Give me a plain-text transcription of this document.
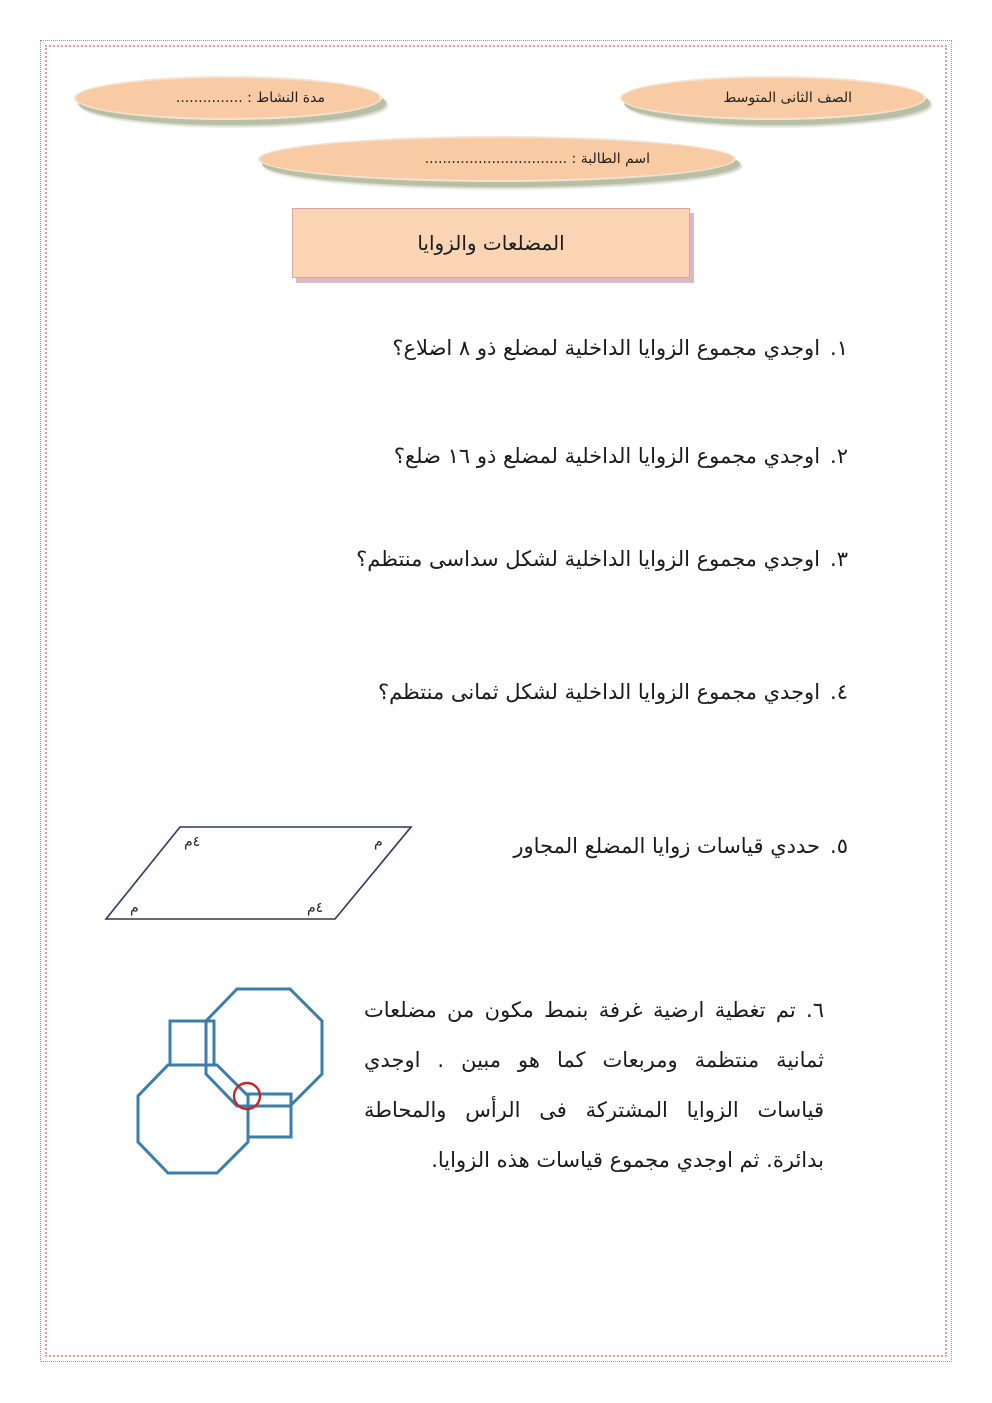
الصف الثانى المتوسط
مدة النشاط : ...............
اسم الطالبة : ................................
المضلعات والزوايا
١.اوجدي مجموع الزوايا الداخلية لمضلع ذو ٨ اضلاع؟
٢.اوجدي مجموع الزوايا الداخلية لمضلع ذو ١٦ ضلع؟
٣.اوجدي مجموع الزوايا الداخلية لشكل سداسى منتظم؟
٤.اوجدي مجموع الزوايا الداخلية لشكل ثمانى منتظم؟
٥.حددي قياسات زوايا المضلع المجاور
٤م	م
م	٤م
٦. تم تغطية ارضية غرفة بنمط مكون من مضلعات ثمانية منتظمة ومربعات كما هو مبين . اوجدي قياسات الزوايا المشتركة فى الرأس والمحاطة بدائرة. ثم اوجدي مجموع قياسات هذه الزوايا.
